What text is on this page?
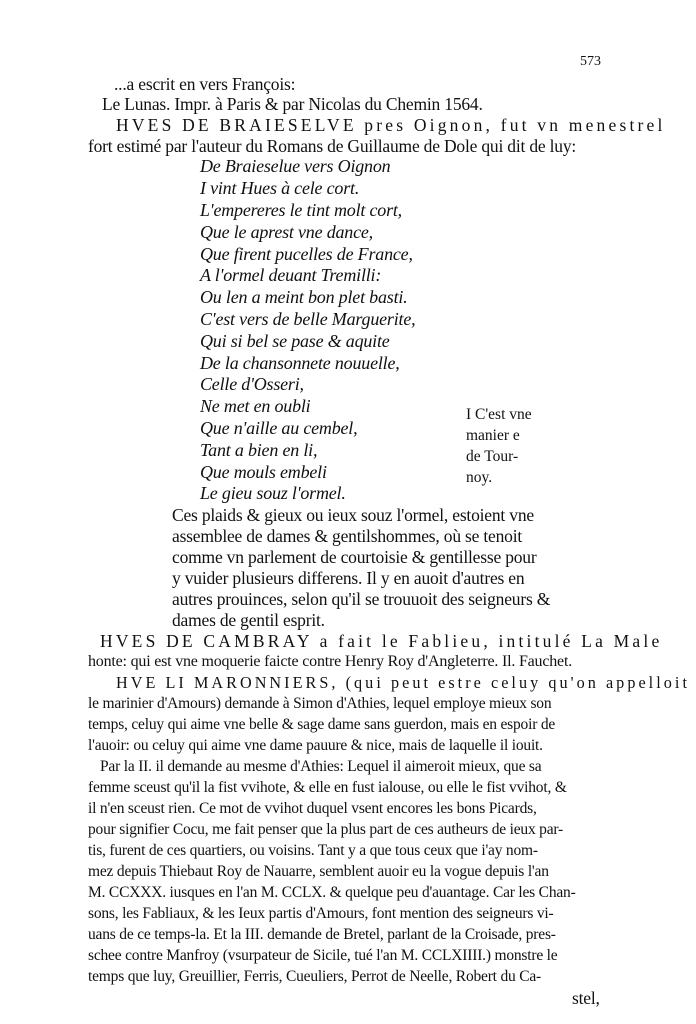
573
...a escrit en vers François:
Le Lunas. Impr. à Paris & par Nicolas du Chemin 1564.
HVES DE BRAIESELVE pres Oignon, fut vn menestrel
fort estimé par l'auteur du Romans de Guillaume de Dole qui dit de luy:
De Braieselue vers Oignon
I vint Hues à cele cort.
L'empereres le tint molt cort,
Que le aprest vne dance,
Que firent pucelles de France,
A l'ormel deuant Tremilli:
Ou len a meint bon plet basti.
C'est vers de belle Marguerite,
Qui si bel se pase & aquite
De la chansonnete nouuelle,
Celle d'Osseri,
Ne met en oubli
Que n'aille au cembel,
Tant a bien en li,
Que mouls embeli
Le gieu souz l'ormel.
I C'est vne
manier e
de Tour-
noy.
Ces plaids & gieux ou ieux souz l'ormel, estoient vne
assemblee de dames & gentilshommes, où se tenoit
comme vn parlement de courtoisie & gentillesse pour
y vuider plusieurs differens. Il y en auoit d'autres en
autres prouinces, selon qu'il se trouuoit des seigneurs &
dames de gentil esprit.
HVES DE CAMBRAY a fait le Fablieu, intitulé La Male
honte: qui est vne moquerie faicte contre Henry Roy d'Angleterre. Il. Fauchet.
HVE LI MARONNIERS, (qui peut estre celuy qu'on appelloit
le marinier d'Amours) demande à Simon d'Athies, lequel employe mieux son
temps, celuy qui aime vne belle & sage dame sans guerdon, mais en espoir de
l'auoir: ou celuy qui aime vne dame pauure & nice, mais de laquelle il iouit.
Par la II. il demande au mesme d'Athies: Lequel il aimeroit mieux, que sa
femme sceust qu'il la fist vvihote, & elle en fust ialouse, ou elle le fist vvihot, &
il n'en sceust rien. Ce mot de vvihot duquel vsent encores les bons Picards,
pour signifier Cocu, me fait penser que la plus part de ces autheurs de ieux par-
tis, furent de ces quartiers, ou voisins. Tant y a que tous ceux que i'ay nom-
mez depuis Thiebaut Roy de Nauarre, semblent auoir eu la vogue depuis l'an
M. CCXXX. iusques en l'an M. CCLX. & quelque peu d'auantage. Car les Chan-
sons, les Fabliaux, & les Ieux partis d'Amours, font mention des seigneurs vi-
uans de ce temps-la. Et la III. demande de Bretel, parlant de la Croisade, pres-
schee contre Manfroy (vsurpateur de Sicile, tué l'an M. CCLXIIII.) monstre le
temps que luy, Greuillier, Ferris, Cueuliers, Perrot de Neelle, Robert du Ca-
stel,
